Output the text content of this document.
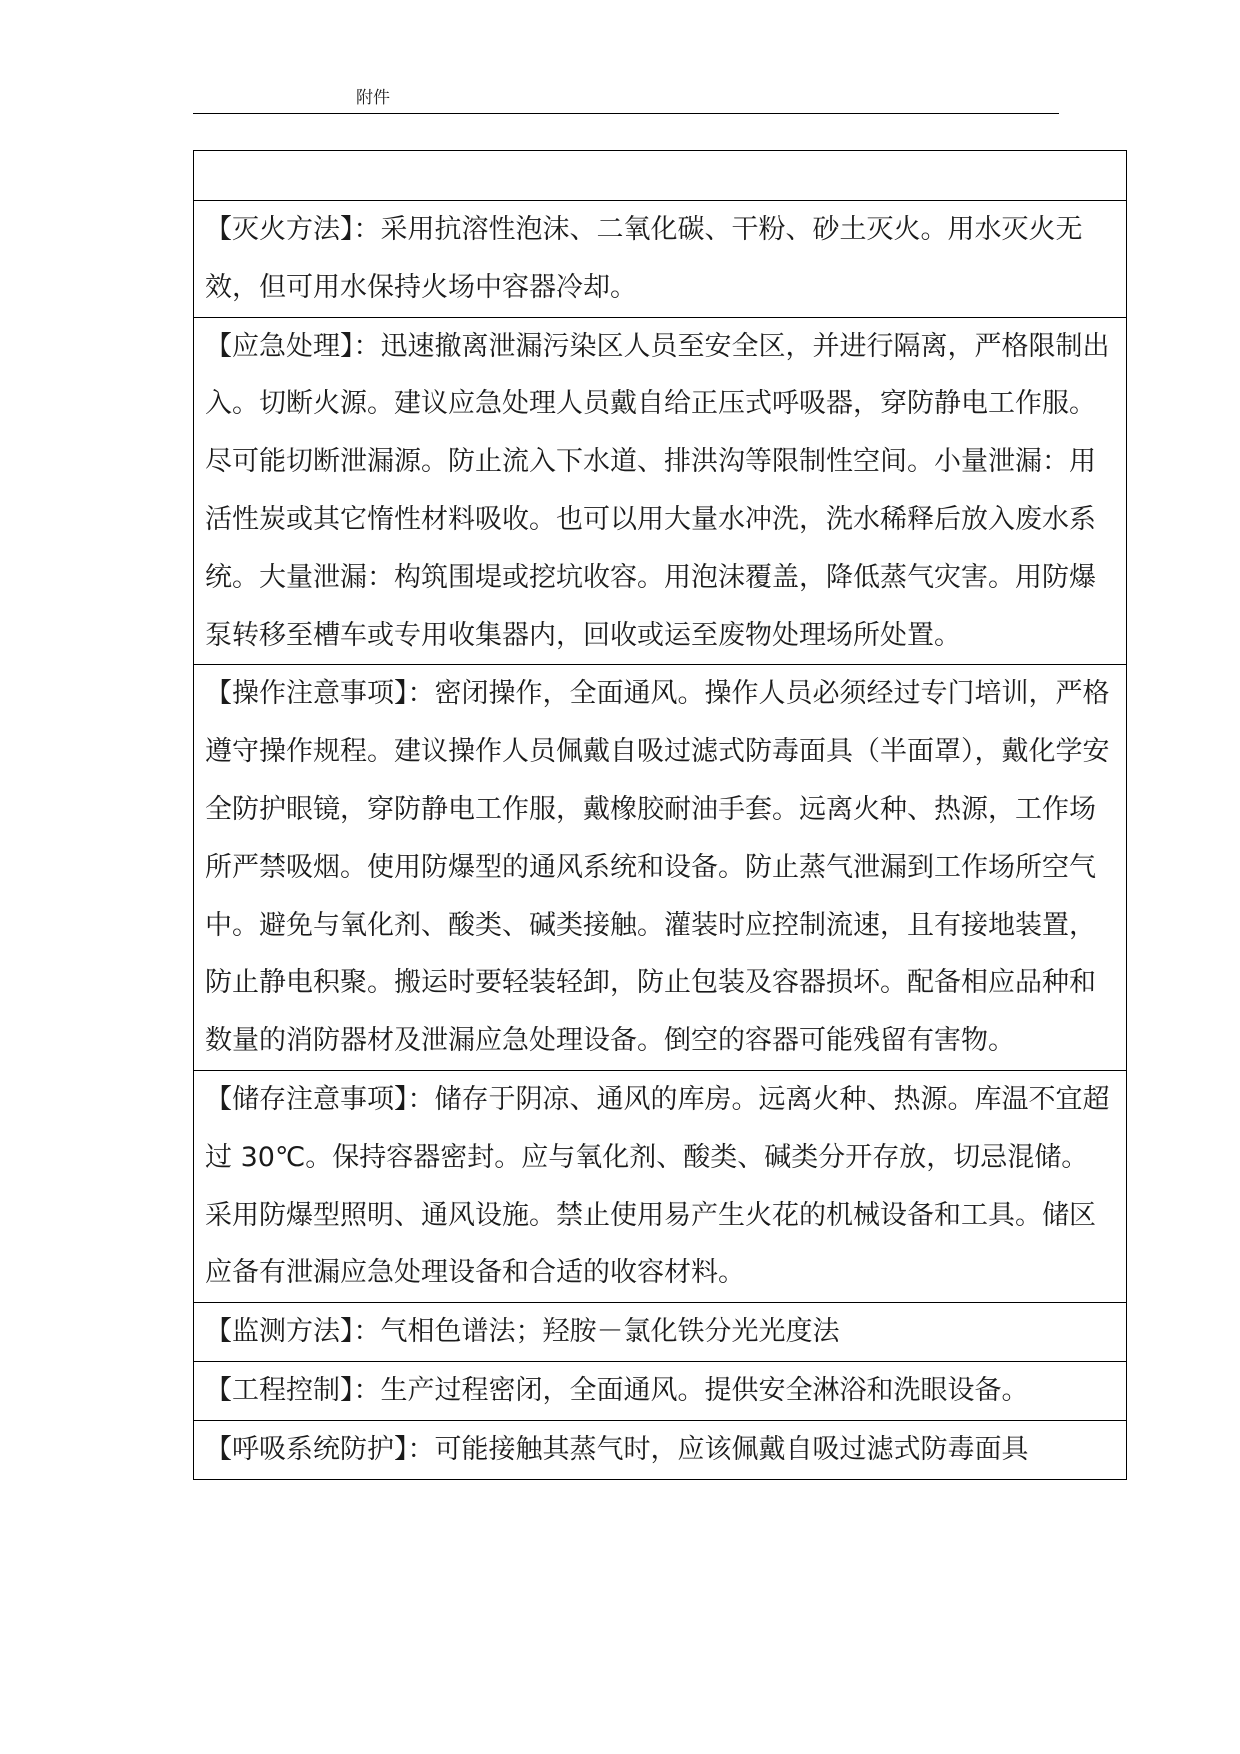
附件

【灭火方法】：采用抗溶性泡沫、二氧化碳、干粉、砂土灭火。用水灭火无效，但可用水保持火场中容器冷却。
【应急处理】：迅速撤离泄漏污染区人员至安全区，并进行隔离，严格限制出入。切断火源。建议应急处理人员戴自给正压式呼吸器，穿防静电工作服。尽可能切断泄漏源。防止流入下水道、排洪沟等限制性空间。小量泄漏：用活性炭或其它惰性材料吸收。也可以用大量水冲洗，洗水稀释后放入废水系统。大量泄漏：构筑围堤或挖坑收容。用泡沫覆盖，降低蒸气灾害。用防爆泵转移至槽车或专用收集器内，回收或运至废物处理场所处置。
【操作注意事项】：密闭操作，全面通风。操作人员必须经过专门培训，严格遵守操作规程。建议操作人员佩戴自吸过滤式防毒面具（半面罩），戴化学安全防护眼镜，穿防静电工作服，戴橡胶耐油手套。远离火种、热源，工作场所严禁吸烟。使用防爆型的通风系统和设备。防止蒸气泄漏到工作场所空气中。避免与氧化剂、酸类、碱类接触。灌装时应控制流速，且有接地装置，防止静电积聚。搬运时要轻装轻卸，防止包装及容器损坏。配备相应品种和数量的消防器材及泄漏应急处理设备。倒空的容器可能残留有害物。
【储存注意事项】：储存于阴凉、通风的库房。远离火种、热源。库温不宜超过 30℃。保持容器密封。应与氧化剂、酸类、碱类分开存放，切忌混储。采用防爆型照明、通风设施。禁止使用易产生火花的机械设备和工具。储区应备有泄漏应急处理设备和合适的收容材料。
【监测方法】：气相色谱法；羟胺－氯化铁分光光度法
【工程控制】：生产过程密闭，全面通风。提供安全淋浴和洗眼设备。
【呼吸系统防护】：可能接触其蒸气时，应该佩戴自吸过滤式防毒面具
